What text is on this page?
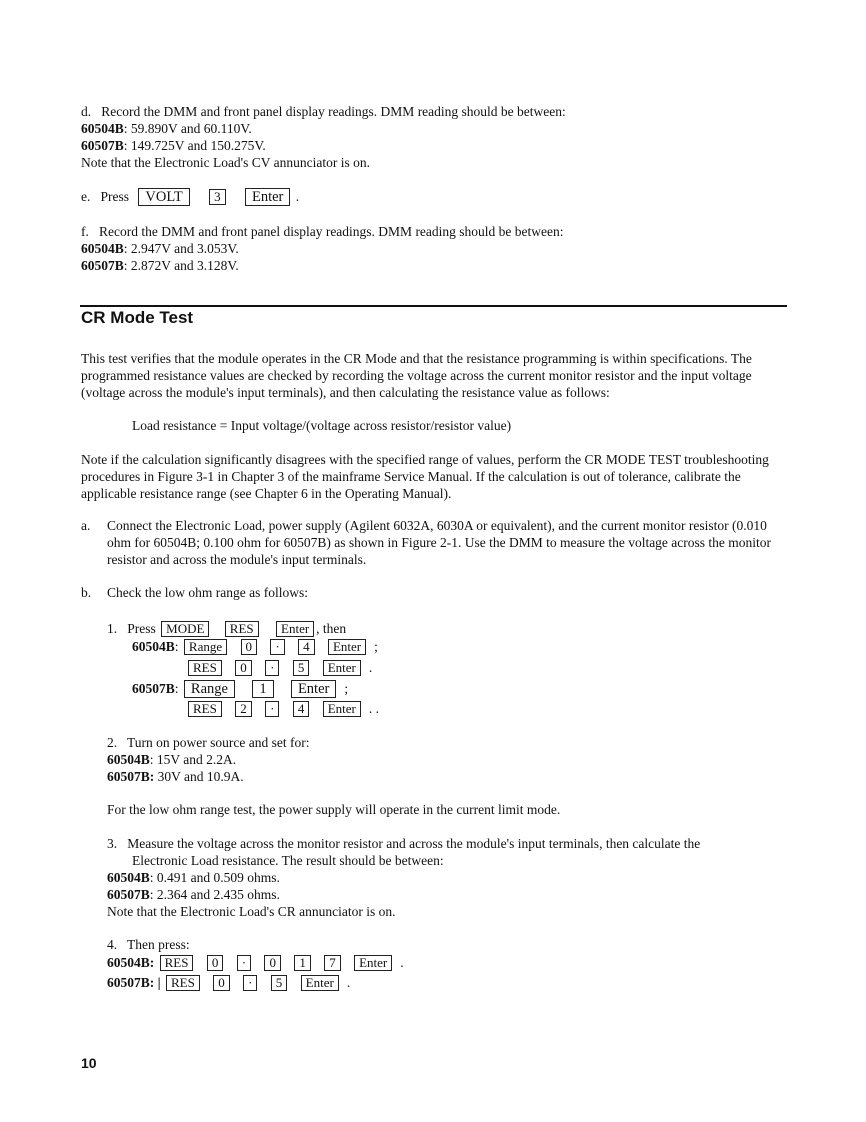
d. Record the DMM and front panel display readings. DMM reading should be between:
60504B: 59.890V and 60.110V.
60507B: 149.725V and 150.275V.
Note that the Electronic Load's CV annunciator is on.
e. Press VOLT 3 Enter .
f. Record the DMM and front panel display readings. DMM reading should be between:
60504B: 2.947V and 3.053V.
60507B: 2.872V and 3.128V.
CR Mode Test
This test verifies that the module operates in the CR Mode and that the resistance programming is within specifications. The programmed resistance values are checked by recording the voltage across the current monitor resistor and the input voltage (voltage across the module's input terminals), and then calculating the resistance value as follows:
Load resistance = Input voltage/(voltage across resistor/resistor value)
Note if the calculation significantly disagrees with the specified range of values, perform the CR MODE TEST troubleshooting procedures in Figure 3-1 in Chapter 3 of the mainframe Service Manual. If the calculation is out of tolerance, calibrate the applicable resistance range (see Chapter 6 in the Operating Manual).
a. Connect the Electronic Load, power supply (Agilent 6032A, 6030A or equivalent), and the current monitor resistor (0.010 ohm for 60504B; 0.100 ohm for 60507B) as shown in Figure 2-1. Use the DMM to measure the voltage across the monitor resistor and across the module's input terminals.
b. Check the low ohm range as follows:
1. Press MODE RES Enter , then
60504B: Range 0 · 4 Enter ;
RES 0 · 5 Enter .
60507B: Range 1 Enter ;
RES 2 · 4 Enter . .
2. Turn on power source and set for:
60504B: 15V and 2.2A.
60507B: 30V and 10.9A.
For the low ohm range test, the power supply will operate in the current limit mode.
3. Measure the voltage across the monitor resistor and across the module's input terminals, then calculate the
Electronic Load resistance. The result should be between:
60504B: 0.491 and 0.509 ohms.
60507B: 2.364 and 2.435 ohms.
Note that the Electronic Load's CR annunciator is on.
4. Then press:
60504B: RES 0 · 0 1 7 Enter .
60507B: | RES 0 · 5 Enter .
10
